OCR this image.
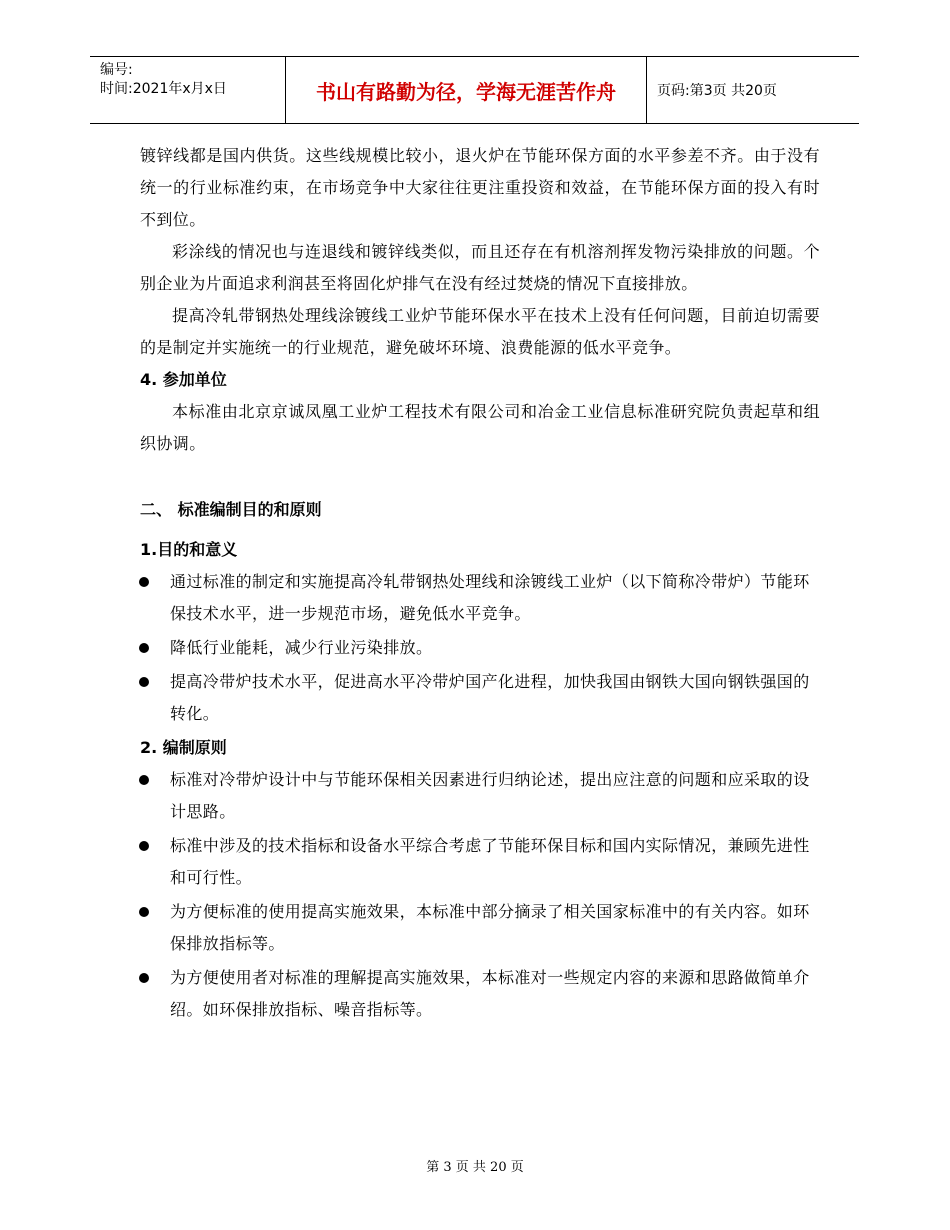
编号:
时间:2021年x月x日	书山有路勤为径，学海无涯苦作舟	页码:第3页 共20页

镀锌线都是国内供货。这些线规模比较小，退火炉在节能环保方面的水平参差不齐。由于没有统一的行业标准约束，在市场竞争中大家往往更注重投资和效益，在节能环保方面的投入有时不到位。

彩涂线的情况也与连退线和镀锌线类似，而且还存在有机溶剂挥发物污染排放的问题。个别企业为片面追求利润甚至将固化炉排气在没有经过焚烧的情况下直接排放。

提高冷轧带钢热处理线涂镀线工业炉节能环保水平在技术上没有任何问题，目前迫切需要的是制定并实施统一的行业规范，避免破坏环境、浪费能源的低水平竞争。

4. 参加单位

本标准由北京京诚凤凰工业炉工程技术有限公司和冶金工业信息标准研究院负责起草和组织协调。

二、 标准编制目的和原则

1.目的和意义

通过标准的制定和实施提高冷轧带钢热处理线和涂镀线工业炉（以下简称冷带炉）节能环保技术水平，进一步规范市场，避免低水平竞争。
降低行业能耗，减少行业污染排放。
提高冷带炉技术水平，促进高水平冷带炉国产化进程，加快我国由钢铁大国向钢铁强国的转化。

2. 编制原则

标准对冷带炉设计中与节能环保相关因素进行归纳论述，提出应注意的问题和应采取的设计思路。
标准中涉及的技术指标和设备水平综合考虑了节能环保目标和国内实际情况，兼顾先进性和可行性。
为方便标准的使用提高实施效果，本标准中部分摘录了相关国家标准中的有关内容。如环保排放指标等。
为方便使用者对标准的理解提高实施效果，本标准对一些规定内容的来源和思路做简单介绍。如环保排放指标、噪音指标等。
第 3 页 共 20 页
